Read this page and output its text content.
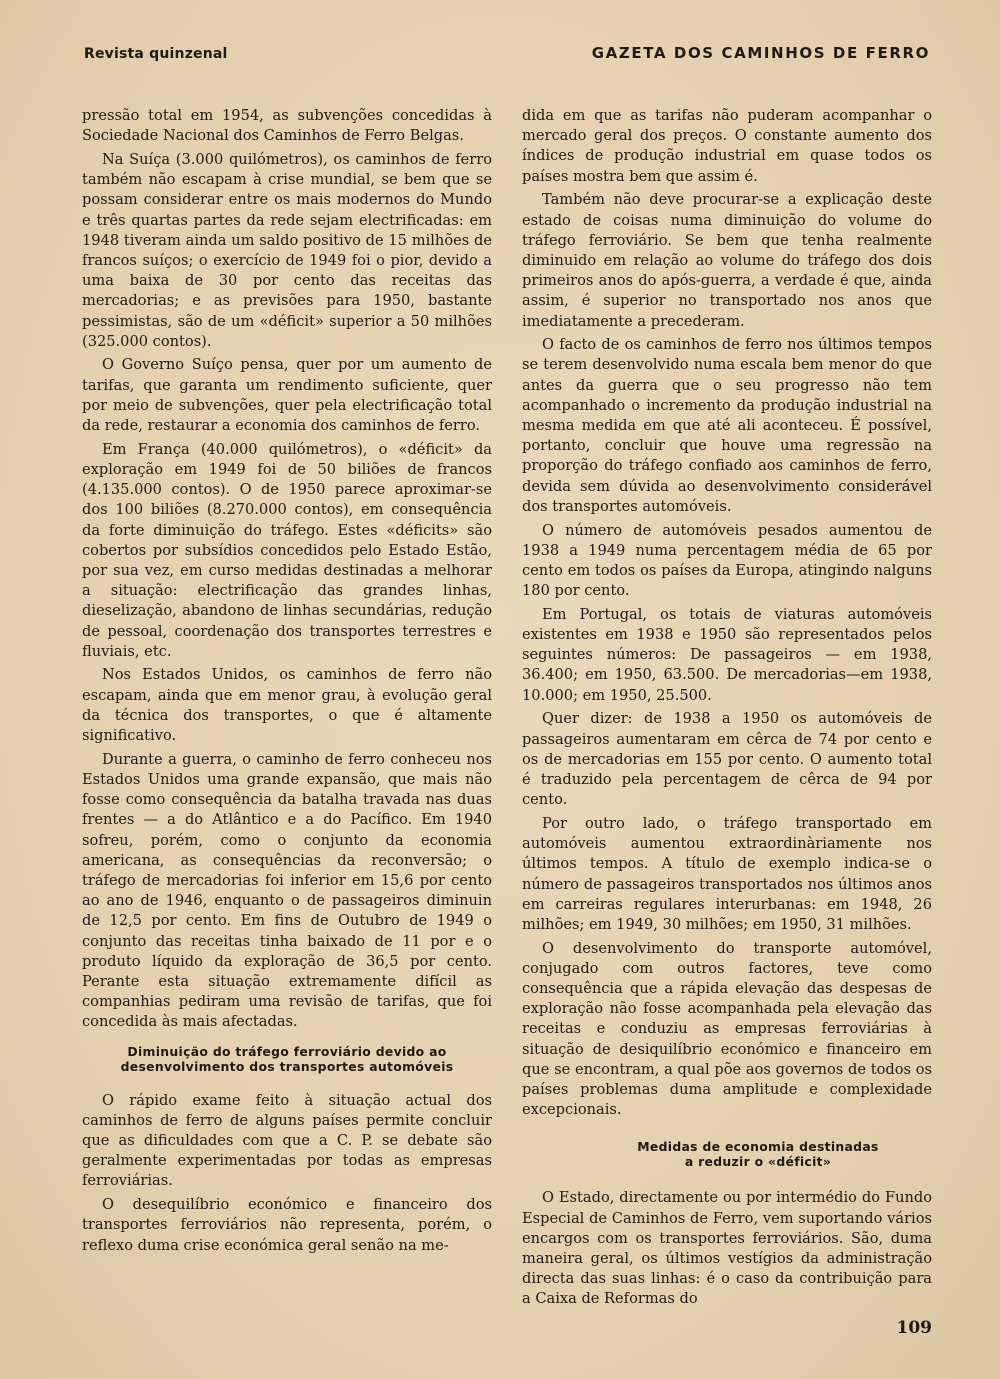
Revista quinzenal	GAZETA DOS CAMINHOS DE FERRO

pressão total em 1954, as subvenções concedidas à Sociedade Nacional dos Caminhos de Ferro Belgas.

Na Suíça (3.000 quilómetros), os caminhos de ferro também não escapam à crise mundial, se bem que se possam considerar entre os mais modernos do Mundo e três quartas partes da rede sejam electrificadas: em 1948 tiveram ainda um saldo positivo de 15 milhões de francos suíços; o exercício de 1949 foi o pior, devido a uma baixa de 30 por cento das receitas das mercadorias; e as previsões para 1950, bastante pessimistas, são de um «déficit» superior a 50 milhões (325.000 contos).

O Governo Suíço pensa, quer por um aumento de tarifas, que garanta um rendimento suficiente, quer por meio de subvenções, quer pela electrificação total da rede, restaurar a economia dos caminhos de ferro.

Em França (40.000 quilómetros), o «déficit» da exploração em 1949 foi de 50 biliões de francos (4.135.000 contos). O de 1950 parece aproximar-se dos 100 biliões (8.270.000 contos), em consequência da forte diminuição do tráfego. Estes «déficits» são cobertos por subsídios concedidos pelo Estado Estão, por sua vez, em curso medidas destinadas a melhorar a situação: electrificação das grandes linhas, dieselização, abandono de linhas secundárias, redução de pessoal, coordenação dos transportes terrestres e fluviais, etc.

Nos Estados Unidos, os caminhos de ferro não escapam, ainda que em menor grau, à evolução geral da técnica dos transportes, o que é altamente significativo.

Durante a guerra, o caminho de ferro conheceu nos Estados Unidos uma grande expansão, que mais não fosse como consequência da batalha travada nas duas frentes — a do Atlântico e a do Pacífico. Em 1940 sofreu, porém, como o conjunto da economia americana, as consequências da reconversão; o tráfego de mercadorias foi inferior em 15,6 por cento ao ano de 1946, enquanto o de passageiros diminuin de 12,5 por cento. Em fins de Outubro de 1949 o conjunto das receitas tinha baixado de 11 por e o produto líquido da exploração de 36,5 por cento. Perante esta situação extremamente difícil as companhias pediram uma revisão de tarifas, que foi concedida às mais afectadas.

Diminuição do tráfego ferroviário devido ao
desenvolvimento dos transportes automóveis

O rápido exame feito à situação actual dos caminhos de ferro de alguns países permite concluir que as dificuldades com que a C. P. se debate são geralmente experimentadas por todas as empresas ferroviárias.

O desequilíbrio económico e financeiro dos transportes ferroviários não representa, porém, o reflexo duma crise económica geral senão na me-

dida em que as tarifas não puderam acompanhar o mercado geral dos preços. O constante aumento dos índices de produção industrial em quase todos os países mostra bem que assim é.

Também não deve procurar-se a explicação deste estado de coisas numa diminuição do volume do tráfego ferroviário. Se bem que tenha realmente diminuido em relação ao volume do tráfego dos dois primeiros anos do após-guerra, a verdade é que, ainda assim, é superior no transportado nos anos que imediatamente a precederam.

O facto de os caminhos de ferro nos últimos tempos se terem desenvolvido numa escala bem menor do que antes da guerra que o seu progresso não tem acompanhado o incremento da produção industrial na mesma medida em que até ali aconteceu. É possível, portanto, concluir que houve uma regressão na proporção do tráfego confiado aos caminhos de ferro, devida sem dúvida ao desenvolvimento considerável dos transportes automóveis.

O número de automóveis pesados aumentou de 1938 a 1949 numa percentagem média de 65 por cento em todos os países da Europa, atingindo nalguns 180 por cento.

Em Portugal, os totais de viaturas automóveis existentes em 1938 e 1950 são representados pelos seguintes números: De passageiros — em 1938, 36.400; em 1950, 63.500. De mercadorias—em 1938, 10.000; em 1950, 25.500.

Quer dizer: de 1938 a 1950 os automóveis de passageiros aumentaram em cêrca de 74 por cento e os de mercadorias em 155 por cento. O aumento total é traduzido pela percentagem de cêrca de 94 por cento.

Por outro lado, o tráfego transportado em automóveis aumentou extraordinàriamente nos últimos tempos. A título de exemplo indica-se o número de passageiros transportados nos últimos anos em carreiras regulares interurbanas: em 1948, 26 milhões; em 1949, 30 milhões; em 1950, 31 milhões.

O desenvolvimento do transporte automóvel, conjugado com outros factores, teve como consequência que a rápida elevação das despesas de exploração não fosse acompanhada pela elevação das receitas e conduziu as empresas ferroviárias à situação de desiquilíbrio económico e financeiro em que se encontram, a qual põe aos governos de todos os países problemas duma amplitude e complexidade excepcionais.

Medidas de economia destinadas
a reduzir o «déficit»

O Estado, directamente ou por intermédio do Fundo Especial de Caminhos de Ferro, vem suportando vários encargos com os transportes ferroviários. São, duma maneira geral, os últimos vestígios da administração directa das suas linhas: é o caso da contribuição para a Caixa de Reformas do

109
